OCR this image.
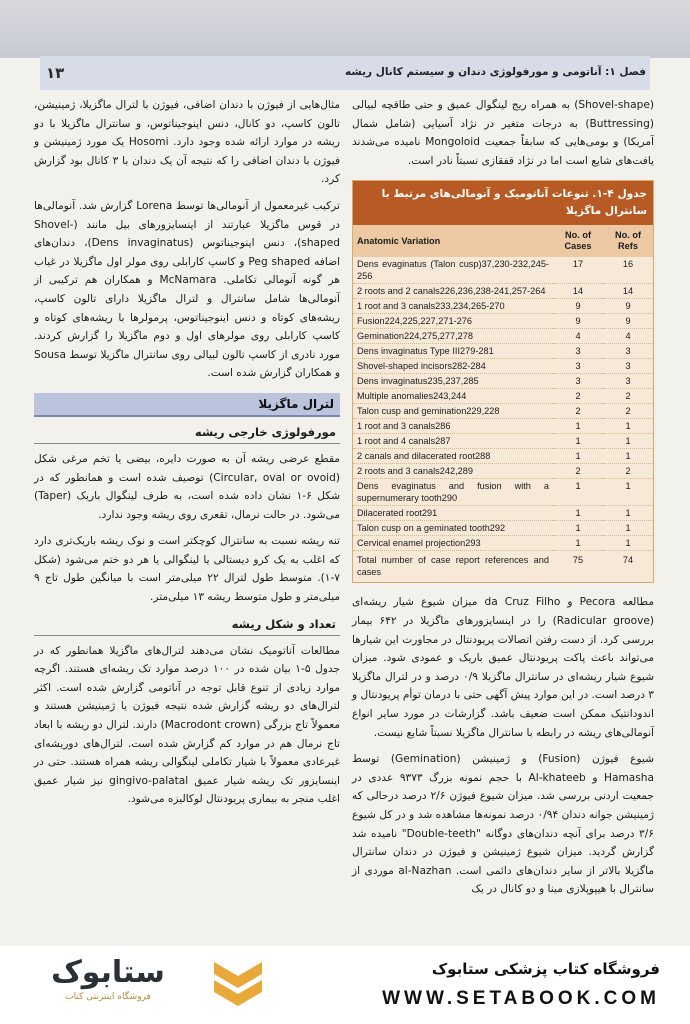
۱۳	فصل ۱: آناتومی و مورفولوژی دندان و سیستم کانال ریشه

(Shovel-shape) به همراه ریج لینگوال عمیق و حتی طاقچه لبیالی (Buttressing) به درجات متغیر در نژاد آسیایی (شامل شمال آمریکا) و بومی‌هایی که سابقاً جمعیت Mongoloid نامیده می‌شدند یافت‌های شایع است اما در نژاد قفقازی نسبتاً نادر است.

جدول ۴-۱. تنوعات آناتومیک و آنومالی‌های مرتبط با سانترال ماگزیلا
Anatomic Variation	No. of Cases	No. of Refs
Dens evaginatus (Talon cusp)37,230-232,245-256	17	16
2 roots and 2 canals226,236,238-241,257-264	14	14
1 root and 3 canals233,234,265-270	9	9
Fusion224,225,227,271-276	9	9
Gemination224,275,277,278	4	4
Dens invaginatus Type III279-281	3	3
Shovel-shaped incisors282-284	3	3
Dens invaginatus235,237,285	3	3
Multiple anomalies243,244	2	2
Talon cusp and gemination229,228	2	2
1 root and 3 canals286	1	1
1 root and 4 canals287	1	1
2 canals and dilacerated root288	1	1
2 roots and 3 canals242,289	2	2
Dens evaginatus and fusion with a supernumerary tooth290	1	1
Dilacerated root291	1	1
Talon cusp on a geminated tooth292	1	1
Cervical enamel projection293	1	1
Total number of case report references and cases	75	74

مطالعه Pecora و da Cruz Filho میزان شیوع شیار ریشه‌ای (Radicular groove) را در اینسایزورهای ماگزیلا در ۶۴۲ بیمار بررسی کرد. از دست رفتن اتصالات پریودنتال در مجاورت این شیارها می‌تواند باعث پاکت پریودنتال عمیق باریک و عمودی شود. میزان شیوع شیار ریشه‌ای در سانترال ماگزیلا ۰/۹ درصد و در لترال ماگزیلا ۳ درصد است. در این موارد پیش آگهی حتی با درمان توأم پریودنتال و اندودانتیک ممکن است ضعیف باشد. گزارشات در مورد سایر انواع آنومالی‌های ریشه در رابطه با سانترال ماگزیلا نسبتاً شایع نیست.

شیوع فیوژن (Fusion) و ژمینیشن (Gemination) توسط Hamasha و Al-khateeb با حجم نمونه بزرگ ۹۳۷۳ عددی در جمعیت اردنی بررسی شد. میزان شیوع فیوژن ۲/۶ درصد درحالی که ژمینیشن جوانه دندان ۰/۹۴ درصد نمونه‌ها مشاهده شد و در کل شیوع ۳/۶ درصد برای آنچه دندان‌های دوگانه "Double-teeth" نامیده شد گزارش گردید. میزان شیوع ژمینیشن و فیوژن در دندان سانترال ماگزیلا بالاتر از سایر دندان‌های دائمی است. al-Nazhan موردی از سانترال با هیپوپلازی مینا و دو کانال در یک

مثال‌هایی از فیوژن با دندان اضافی، فیوژن با لترال ماگزیلا، ژمینیشن، تالون کاسپ، دو کانال، دنس اینوجیناتوس، و سانترال ماگزیلا با دو ریشه در موارد ارائه شده وجود دارد. Hosomi یک مورد ژمینیشن و فیوژن با دندان اضافی را که نتیجه آن یک دندان با ۳ کانال بود گزارش کرد.

ترکیب غیرمعمول از آنومالی‌ها توسط Lorena گزارش شد. آنومالی‌ها در قوس ماگزیلا عبارتند از اینسایزورهای بیل مانند (Shovel-shaped)، دنس اینوجیناتوس (Dens invaginatus)، دندان‌های اضافه Peg shaped و کاسپ کارابلی روی مولر اول ماگزیلا در غیاب هر گونه آنومالی تکاملی. McNamara و همکاران هم ترکیبی از آنومالی‌ها شامل سانترال و لترال ماگزیلا دارای تالون کاسپ، ریشه‌های کوتاه و دنس اینوجیناتوس، پرمولرها با ریشه‌های کوتاه و کاسپ کارابلی روی مولرهای اول و دوم ماگزیلا را گزارش کردند. مورد نادری از کاسپ تالون لبیالی روی سانترال ماگزیلا توسط Sousa و همکاران گزارش شده است.

لترال ماگزیلا
مورفولوژی خارجی ریشه

مقطع عرضی ریشه آن به صورت دایره، بیضی یا تخم مرغی شکل (Circular, oval or ovoid) توصیف شده است و همانطور که در شکل ۶-۱ نشان داده شده است، به طرف لینگوال باریک (Taper) می‌شود. در حالت نرمال، تقعری روی ریشه وجود ندارد.

تنه ریشه نسبت به سانترال کوچکتر است و نوک ریشه باریک‌تری دارد که اغلب به یک کرو دیستالی یا لینگوالی یا هر دو ختم می‌شود (شکل ۷-۱). متوسط طول لترال ۲۲ میلی‌متر است با میانگین طول تاج ۹ میلی‌متر و طول متوسط ریشه ۱۳ میلی‌متر.

تعداد و شکل ریشه

مطالعات آناتومیک نشان می‌دهند لترال‌های ماگزیلا همانطور که در جدول ۵-۱ بیان شده در ۱۰۰ درصد موارد تک ریشه‌ای هستند. اگرچه موارد زیادی از تنوع قابل توجه در آناتومی گزارش شده است. اکثر لترال‌های دو ریشه گزارش شده نتیجه فیوژن یا ژمینیشن هستند و معمولاً تاج بزرگی (Macrodont crown) دارند. لترال دو ریشه با ابعاد تاج نرمال هم در موارد کم گزارش شده است. لترال‌های دوریشه‌ای غیرعادی معمولاً با شیار تکاملی لینگوالی ریشه همراه هستند. حتی در اینسایزور تک ریشه شیار عمیق gingivo-palatal نیز شیار عمیق اغلب منجر به بیماری پریودنتال لوکالیزه می‌شود.

ستابوک
فروشگاه اینترنتی کتاب
فروشگاه کتاب پزشکی ستابوک
WWW.SETABOOK.COM
